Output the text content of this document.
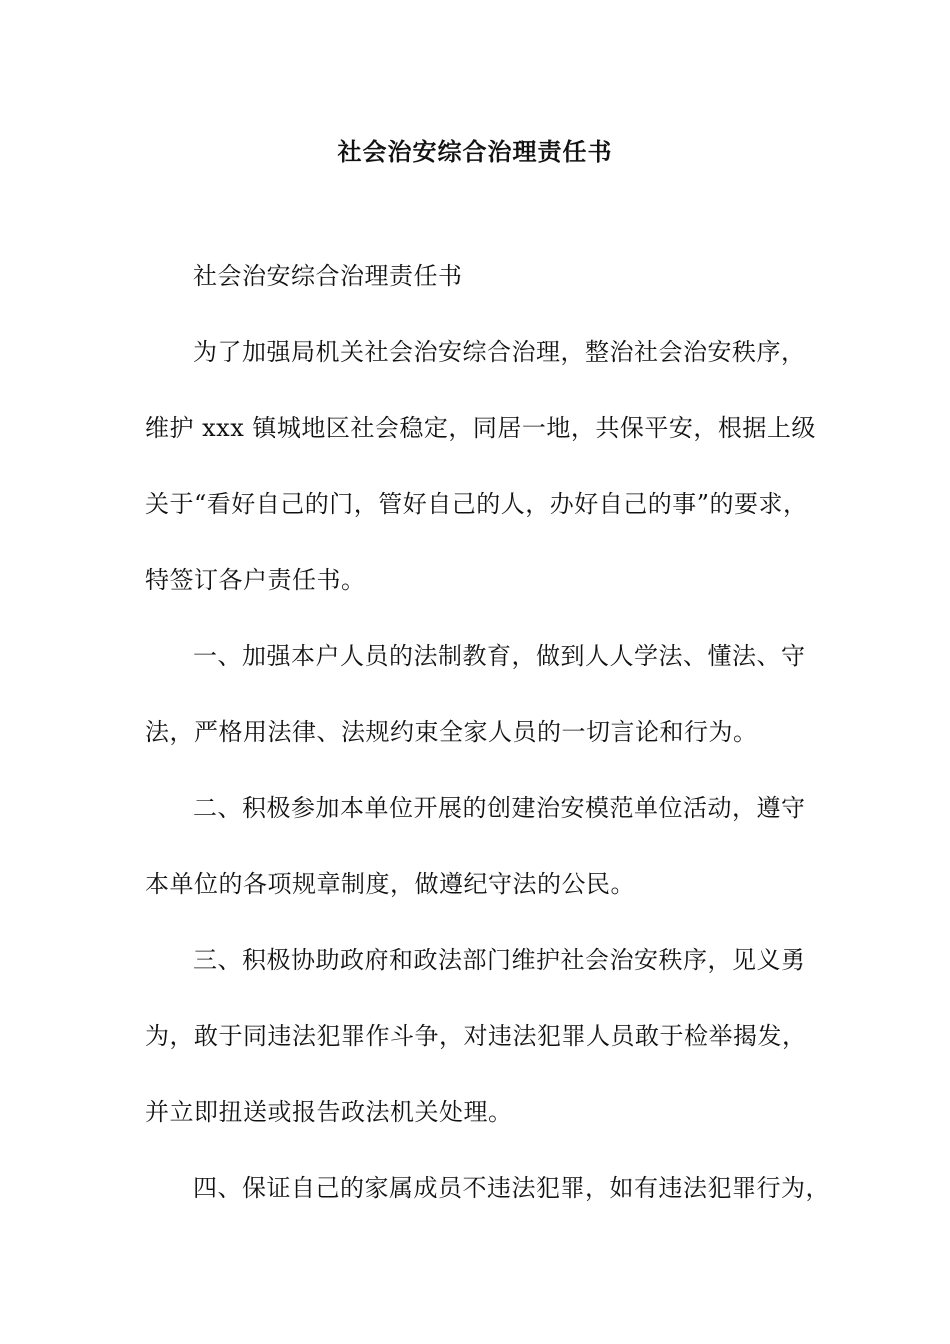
社会治安综合治理责任书
社会治安综合治理责任书
为了加强局机关社会治安综合治理，整治社会治安秩序，
维护 xxx 镇城地区社会稳定，同居一地，共保平安，根据上级
关于“看好自己的门，管好自己的人，办好自己的事”的要求，
特签订各户责任书。
一、加强本户人员的法制教育，做到人人学法、懂法、守
法，严格用法律、法规约束全家人员的一切言论和行为。
二、积极参加本单位开展的创建治安模范单位活动，遵守
本单位的各项规章制度，做遵纪守法的公民。
三、积极协助政府和政法部门维护社会治安秩序，见义勇
为，敢于同违法犯罪作斗争，对违法犯罪人员敢于检举揭发，
并立即扭送或报告政法机关处理。
四、保证自己的家属成员不违法犯罪，如有违法犯罪行为，
